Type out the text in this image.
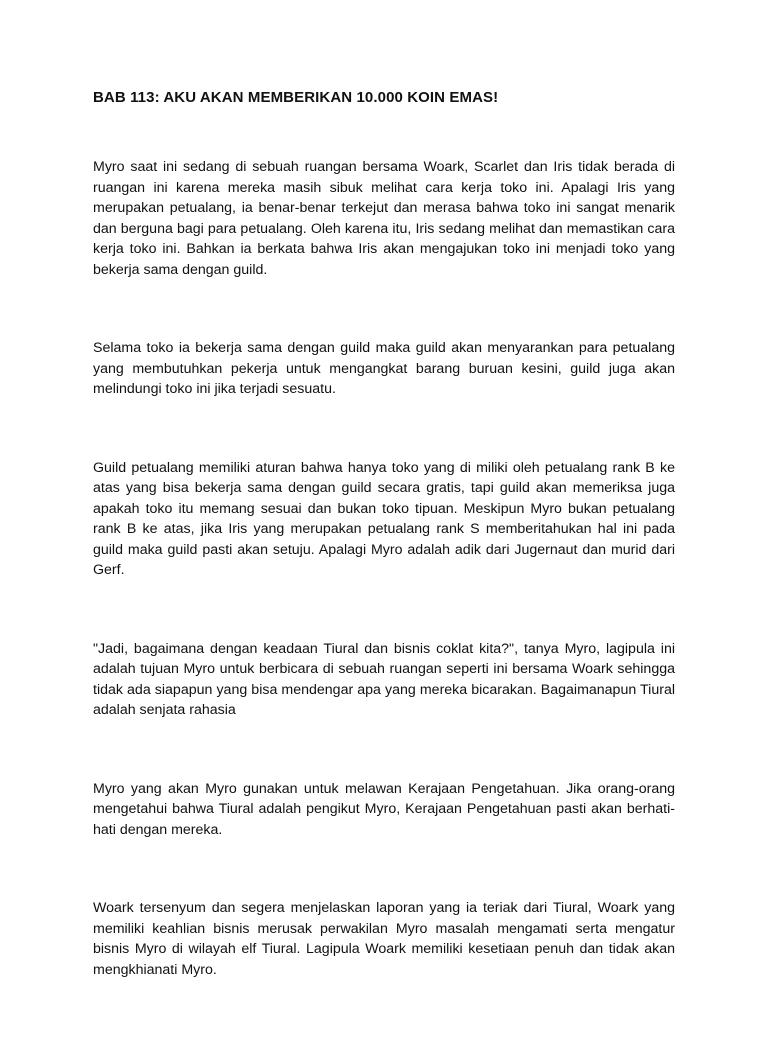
BAB 113: AKU AKAN MEMBERIKAN 10.000 KOIN EMAS!

Myro saat ini sedang di sebuah ruangan bersama Woark, Scarlet dan Iris tidak berada di ruangan ini karena mereka masih sibuk melihat cara kerja toko ini. Apalagi Iris yang merupakan petualang, ia benar-benar terkejut dan merasa bahwa toko ini sangat menarik dan berguna bagi para petualang. Oleh karena itu, Iris sedang melihat dan memastikan cara kerja toko ini. Bahkan ia berkata bahwa Iris akan mengajukan toko ini menjadi toko yang bekerja sama dengan guild.

Selama toko ia bekerja sama dengan guild maka guild akan menyarankan para petualang yang membutuhkan pekerja untuk mengangkat barang buruan kesini, guild juga akan melindungi toko ini jika terjadi sesuatu.

Guild petualang memiliki aturan bahwa hanya toko yang di miliki oleh petualang rank B ke atas yang bisa bekerja sama dengan guild secara gratis, tapi guild akan memeriksa juga apakah toko itu memang sesuai dan bukan toko tipuan. Meskipun Myro bukan petualang rank B ke atas, jika Iris yang merupakan petualang rank S memberitahukan hal ini pada guild maka guild pasti akan setuju. Apalagi Myro adalah adik dari Jugernaut dan murid dari Gerf.

"Jadi, bagaimana dengan keadaan Tiural dan bisnis coklat kita?", tanya Myro, lagipula ini adalah tujuan Myro untuk berbicara di sebuah ruangan seperti ini bersama Woark sehingga tidak ada siapapun yang bisa mendengar apa yang mereka bicarakan. Bagaimanapun Tiural adalah senjata rahasia

Myro yang akan Myro gunakan untuk melawan Kerajaan Pengetahuan. Jika orang-orang mengetahui bahwa Tiural adalah pengikut Myro, Kerajaan Pengetahuan pasti akan berhati-hati dengan mereka.

Woark tersenyum dan segera menjelaskan laporan yang ia teriak dari Tiural, Woark yang memiliki keahlian bisnis merusak perwakilan Myro masalah mengamati serta mengatur bisnis Myro di wilayah elf Tiural. Lagipula Woark memiliki kesetiaan penuh dan tidak akan mengkhianati Myro.
